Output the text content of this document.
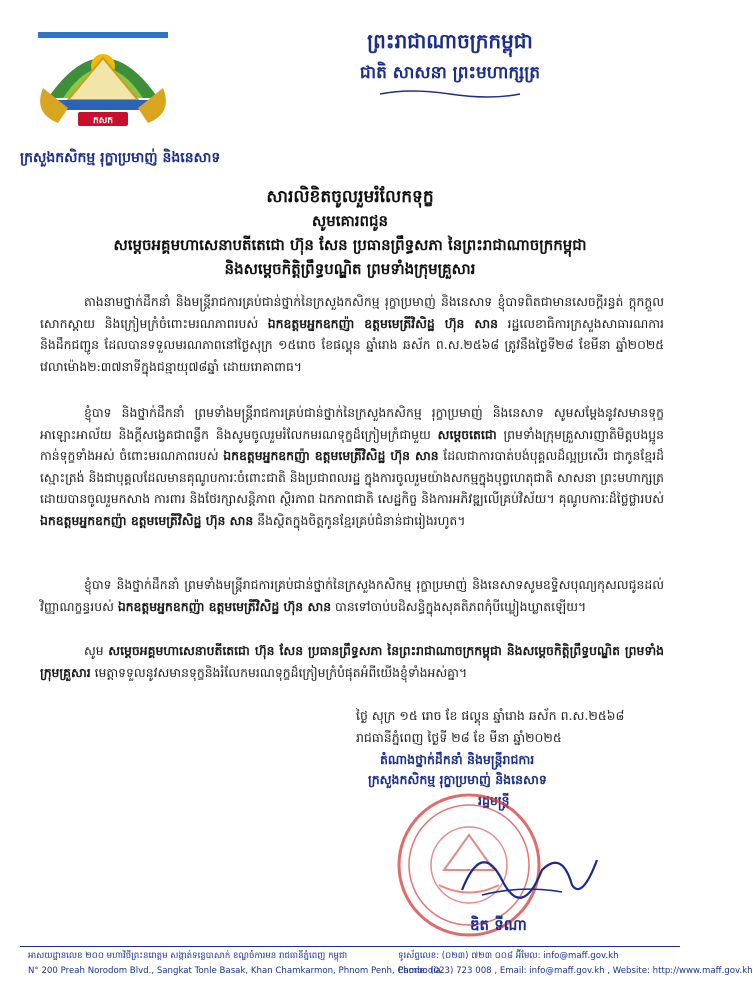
កសក
ក្រសួងកសិកម្ម រុក្ខាប្រមាញ់ និងនេសាទ
ព្រះរាជាណាចក្រកម្ពុជា
ជាតិ សាសនា ព្រះមហាក្សត្រ
សារលិខិតចូលរួមរំលែកទុក្ខ
សូមគោរពជូន
សម្តេចអគ្គមហាសេនាបតីតេជោ ហ៊ុន សែន ប្រធានព្រឹទ្ធសភា នៃព្រះរាជាណាចក្រកម្ពុជា
និងសម្តេចកិត្តិព្រឹទ្ធបណ្ឌិត ព្រមទាំងក្រុមគ្រួសារ
តាងនាមថ្នាក់ដឹកនាំ និងមន្ត្រីរាជការគ្រប់ជាន់ថ្នាក់នៃក្រសួងកសិកម្ម រុក្ខាប្រមាញ់ និងនេសាទ ខ្ញុំបាទពិតជាមានសេចក្តីរន្ធត់ ក្តុកក្តួល សោកស្តាយ និងក្រៀមក្រំចំពោះមរណភាពរបស់ ឯកឧត្តមអ្នកឧកញ៉ា ឧត្តមមេត្រីវិសិដ្ឋ ហ៊ុន សាន រដ្ឋលេខាធិការក្រសួងសាធារណការ និងដឹកជញ្ជូន ដែលបានទទួលមរណភាពនៅថ្ងៃសុក្រ ១៥រោច ខែផល្គុន ឆ្នាំរោង ឆស័ក ព.ស.២៥៦៨ ត្រូវនឹងថ្ងៃទី២៨ ខែមីនា ឆ្នាំ២០២៥ វេលាម៉ោង២:៣៧នាទីក្នុងជន្មាយុ៧៨ឆ្នាំ ដោយរោគាពាធ។
ខ្ញុំបាទ និងថ្នាក់ដឹកនាំ ព្រមទាំងមន្ត្រីរាជការគ្រប់ជាន់ថ្នាក់នៃក្រសួងកសិកម្ម រុក្ខាប្រមាញ់ និងនេសាទ សូមសម្តែងនូវសមានទុក្ខ អាឡោះអាល័យ និងក្តីសង្វេគជាពន្លឹក និងសូមចូលរួមរំលែកមរណទុក្ខដ៏ក្រៀមក្រំជាមួយ សម្តេចតេជោ ព្រមទាំងក្រុមគ្រួសារញាតិមិត្តបងប្អូនកាន់ទុក្ខទាំងអស់ ចំពោះមរណភាពរបស់ ឯកឧត្តមអ្នកឧកញ៉ា ឧត្តមមេត្រីវិសិដ្ឋ ហ៊ុន សាន ដែលជាការបាត់បង់បុគ្គលដ៏ល្អប្រសើរ ជាកូនខ្មែរដ៏ស្មោះត្រង់ និងជាបុគ្គលដែលមានគុណូបការៈចំពោះជាតិ និងប្រជាពលរដ្ឋ ក្នុងការចូលរួមយ៉ាងសកម្មក្នុងបុព្វហេតុជាតិ សាសនា ព្រះមហាក្សត្រ ដោយបានចូលរួមកសាង ការពារ និងថែរក្សាសន្តិភាព ស្ថិរភាព ឯកភាពជាតិ សេដ្ឋកិច្ច និងការអភិវឌ្ឍលើគ្រប់វិស័យ។ គុណូបការៈដ៏ថ្លៃថ្លារបស់ ឯកឧត្តមអ្នកឧកញ៉ា ឧត្តមមេត្រីវិសិដ្ឋ ហ៊ុន សាន នឹងស្ថិតក្នុងចិត្តកូនខ្មែរគ្រប់ជំនាន់ជារៀងរហូត។
ខ្ញុំបាទ និងថ្នាក់ដឹកនាំ ព្រមទាំងមន្ត្រីរាជការគ្រប់ជាន់ថ្នាក់នៃក្រសួងកសិកម្ម រុក្ខាប្រមាញ់ និងនេសាទសូមឧទ្ទិសបុណ្យកុសលជូនដល់វិញ្ញាណក្ខន្ធរបស់ ឯកឧត្តមអ្នកឧកញ៉ា ឧត្តមមេត្រីវិសិដ្ឋ ហ៊ុន សាន បានទៅចាប់បដិសន្ធិក្នុងសុគតិភពកុំបីឃ្លៀងឃ្លាតឡើយ។
សូម សម្តេចអគ្គមហាសេនាបតីតេជោ ហ៊ុន សែន ប្រធានព្រឹទ្ធសភា នៃព្រះរាជាណាចក្រកម្ពុជា និងសម្តេចកិត្តិព្រឹទ្ធបណ្ឌិត ព្រមទាំងក្រុមគ្រួសារ មេត្តាទទួលនូវសមានទុក្ខនិងរំលែកមរណទុក្ខដ៏ក្រៀមក្រំបំផុតអំពីយើងខ្ញុំទាំងអស់គ្នា។
ថ្ងៃ សុក្រ ១៥ រោច ខែ ផល្គុន ឆ្នាំរោង ឆស័ក ព.ស.២៥៦៨
រាជធានីភ្នំពេញ ថ្ងៃទី ២៨ ខែ មីនា ឆ្នាំ២០២៥
តំណាងថ្នាក់ដឹកនាំ និងមន្ត្រីរាជការ
ក្រសួងកសិកម្ម រុក្ខាប្រមាញ់ និងនេសាទ
រដ្ឋមន្ត្រី
ឌិត ទីណា
អាសយដ្ឋានលេខ ២០០ មហាវិថីព្រះនរោត្តម សង្កាត់ទន្លេបាសាក់ ខណ្ឌចំការមន រាជធានីភ្នំពេញ កម្ពុជា
N° 200 Preah Norodom Blvd., Sangkat Tonle Basak, Khan Chamkarmon, Phnom Penh, Cambodia
ទូរស័ព្ទលេខ: (០២៣) ៧២៣ ០០៨ អ៊ីមែល: info@maff.gov.kh
Phone: (023) 723 008 , Email: info@maff.gov.kh , Website: http://www.maff.gov.kh
